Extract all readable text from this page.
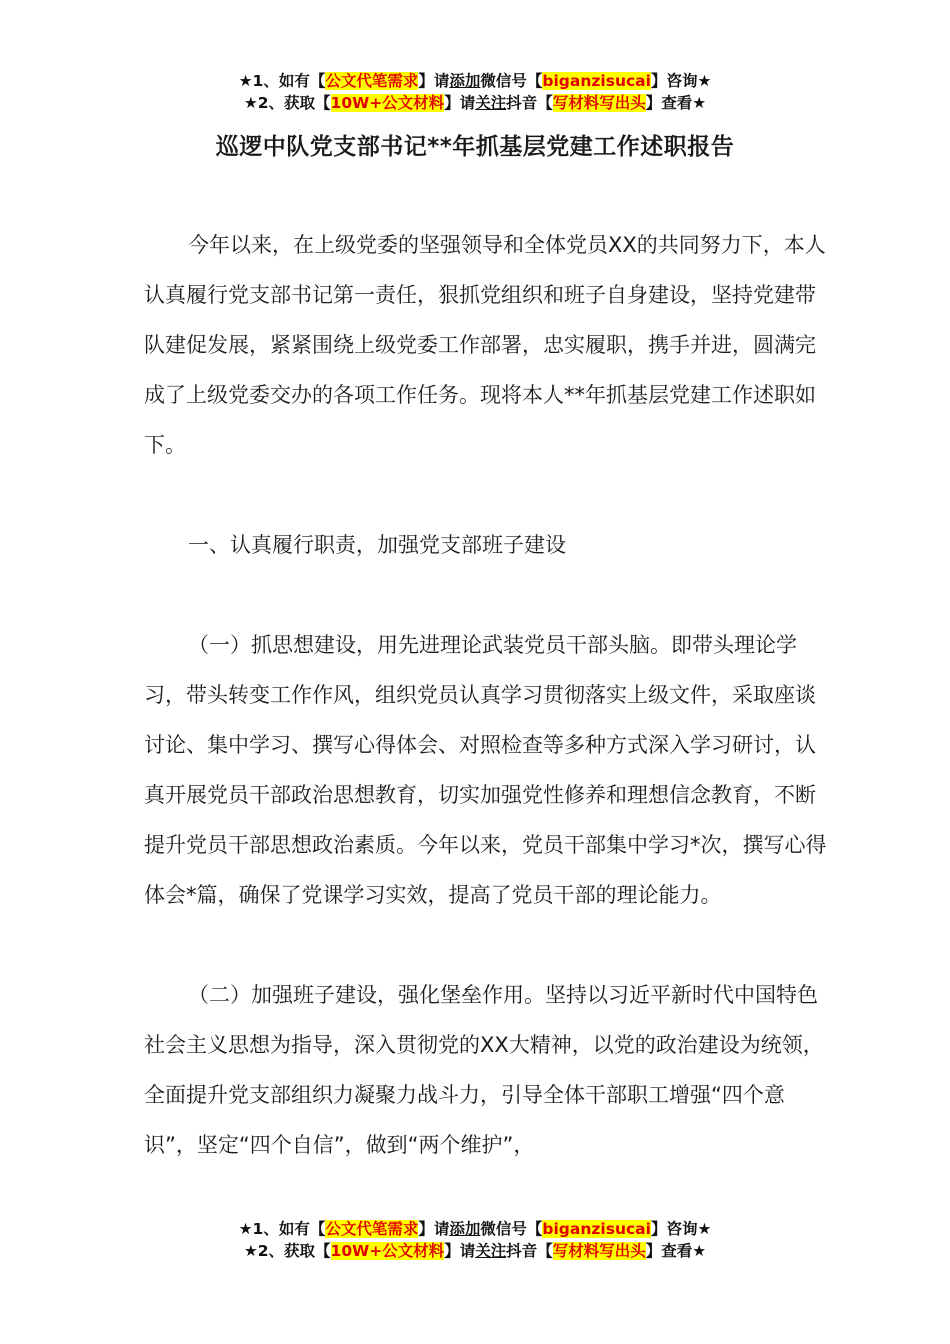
★1、如有【公文代笔需求】请添加微信号【biganzisucai】咨询★
★2、获取【10W+公文材料】请关注抖音【写材料写出头】查看★
巡逻中队党支部书记**年抓基层党建工作述职报告

今年以来，在上级党委的坚强领导和全体党员XX的共同努力下，本人认真履行党支部书记第一责任，狠抓党组织和班子自身建设，坚持党建带队建促发展，紧紧围绕上级党委工作部署，忠实履职，携手并进，圆满完成了上级党委交办的各项工作任务。现将本人**年抓基层党建工作述职如下。

一、认真履行职责，加强党支部班子建设

（一）抓思想建设，用先进理论武装党员干部头脑。即带头理论学习，带头转变工作作风，组织党员认真学习贯彻落实上级文件，采取座谈讨论、集中学习、撰写心得体会、对照检查等多种方式深入学习研讨，认真开展党员干部政治思想教育，切实加强党性修养和理想信念教育，不断提升党员干部思想政治素质。今年以来，党员干部集中学习*次，撰写心得体会*篇，确保了党课学习实效，提高了党员干部的理论能力。

（二）加强班子建设，强化堡垒作用。坚持以习近平新时代中国特色社会主义思想为指导，深入贯彻党的XX大精神，以党的政治建设为统领，全面提升党支部组织力凝聚力战斗力，引导全体干部职工增强“四个意识”，坚定“四个自信”，做到“两个维护”，

★1、如有【公文代笔需求】请添加微信号【biganzisucai】咨询★
★2、获取【10W+公文材料】请关注抖音【写材料写出头】查看★
